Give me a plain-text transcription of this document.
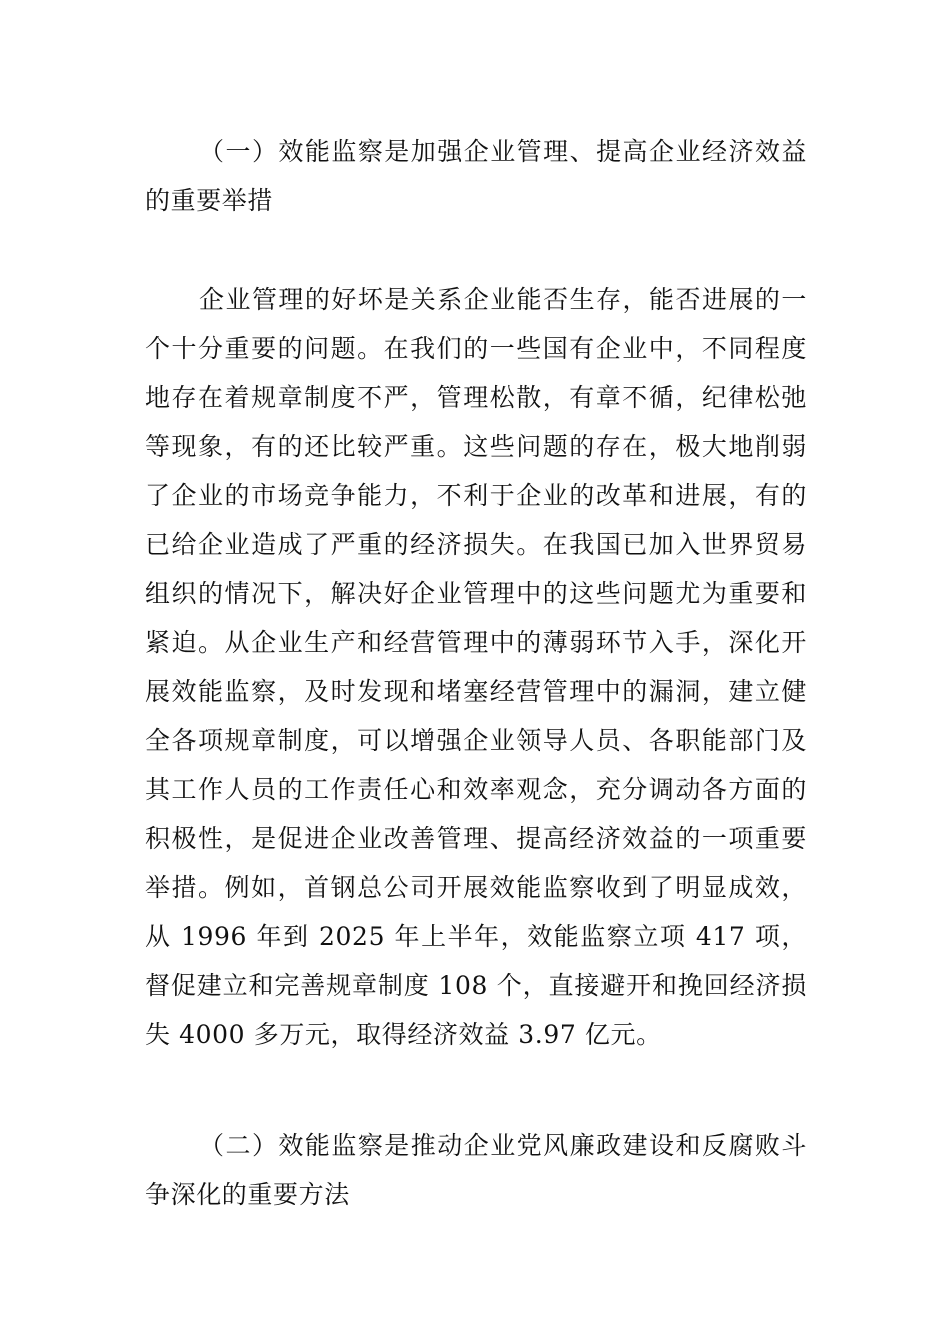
（一）效能监察是加强企业管理、提高企业经济效益的重要举措

企业管理的好坏是关系企业能否生存，能否进展的一个十分重要的问题。在我们的一些国有企业中，不同程度地存在着规章制度不严，管理松散，有章不循，纪律松弛等现象，有的还比较严重。这些问题的存在，极大地削弱了企业的市场竞争能力，不利于企业的改革和进展，有的已给企业造成了严重的经济损失。在我国已加入世界贸易组织的情况下，解决好企业管理中的这些问题尤为重要和紧迫。从企业生产和经营管理中的薄弱环节入手，深化开展效能监察，及时发现和堵塞经营管理中的漏洞，建立健全各项规章制度，可以增强企业领导人员、各职能部门及其工作人员的工作责任心和效率观念，充分调动各方面的积极性，是促进企业改善管理、提高经济效益的一项重要举措。例如，首钢总公司开展效能监察收到了明显成效，从 1996 年到 2025 年上半年，效能监察立项 417 项，督促建立和完善规章制度 108 个，直接避开和挽回经济损失 4000 多万元，取得经济效益 3.97 亿元。

（二）效能监察是推动企业党风廉政建设和反腐败斗争深化的重要方法
